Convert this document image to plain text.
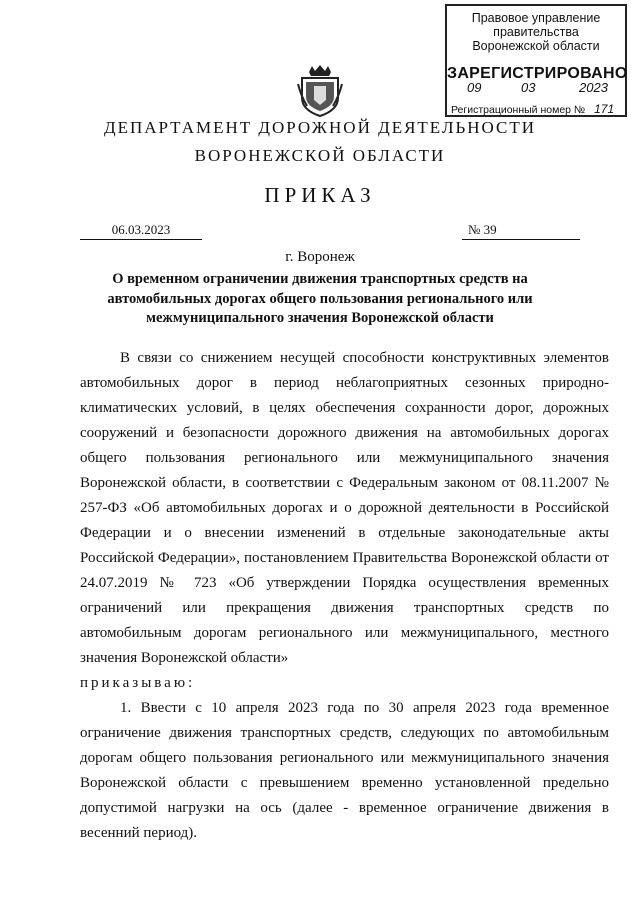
Правовое управление правительства
Воронежской области
ЗАРЕГИСТРИРОВАНО
09	03	2023
Регистрационный номер № 171
ДЕПАРТАМЕНТ ДОРОЖНОЙ ДЕЯТЕЛЬНОСТИ
ВОРОНЕЖСКОЙ ОБЛАСТИ
ПРИКАЗ
06.03.2023	№ 39
г. Воронеж
О временном ограничении движения транспортных средств на автомобильных дорогах общего пользования регионального или межмуниципального значения Воронежской области

В связи со снижением несущей способности конструктивных элементов автомобильных дорог в период неблагоприятных сезонных природно-климатических условий, в целях обеспечения сохранности дорог, дорожных сооружений и безопасности дорожного движения на автомобильных дорогах общего пользования регионального или межмуниципального значения Воронежской области, в соответствии с Федеральным законом от 08.11.2007 № 257-ФЗ «Об автомобильных дорогах и о дорожной деятельности в Российской Федерации и о внесении изменений в отдельные законодательные акты Российской Федерации», постановлением Правительства Воронежской области от 24.07.2019 № 723 «Об утверждении Порядка осуществления временных ограничений или прекращения движения транспортных средств по автомобильным дорогам регионального или межмуниципального, местного значения Воронежской области»

приказываю:

1. Ввести с 10 апреля 2023 года по 30 апреля 2023 года временное ограничение движения транспортных средств, следующих по автомобильным дорогам общего пользования регионального или межмуниципального значения Воронежской области с превышением временно установленной предельно допустимой нагрузки на ось (далее - временное ограничение движения в весенний период).
